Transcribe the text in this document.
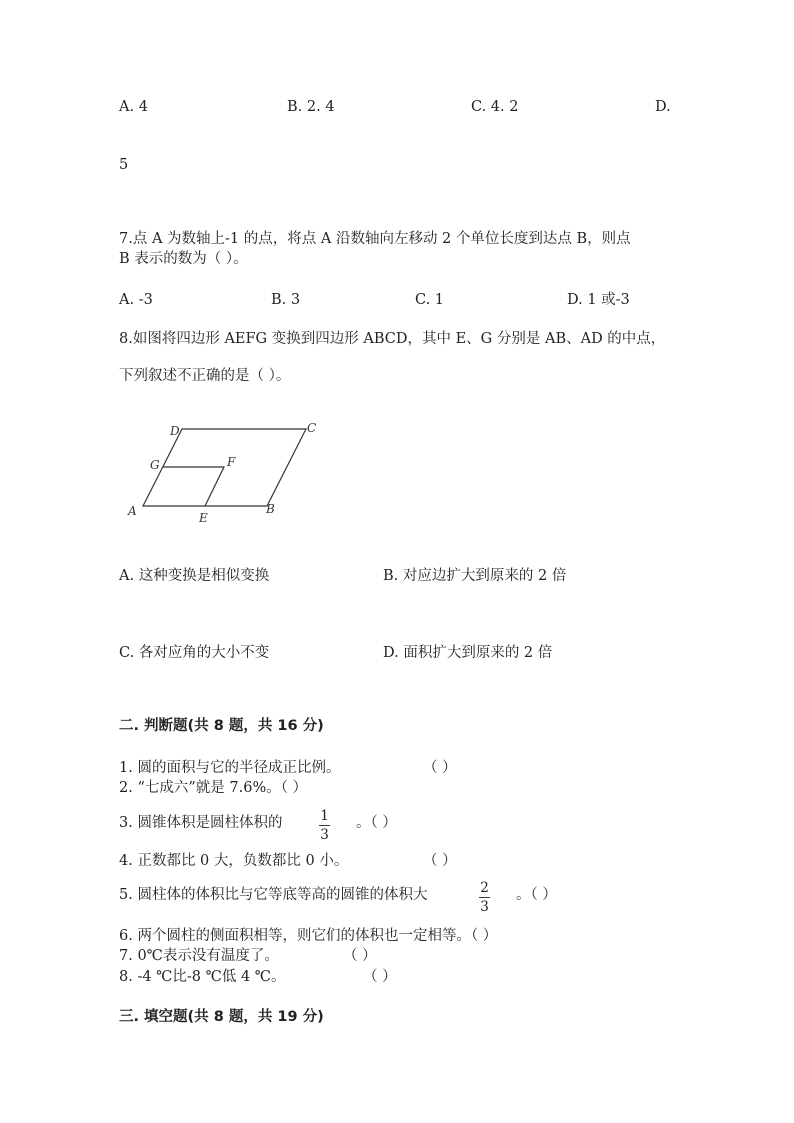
A. 4	B. 2. 4	C. 4. 2	D.
5
7.点 A 为数轴上-1 的点，将点 A 沿数轴向左移动 2 个单位长度到达点 B，则点
B 表示的数为（ ）。
A. -3	B. 3	C. 1	D. 1 或-3
8.如图将四边形 AEFG 变换到四边形 ABCD，其中 E、G 分别是 AB、AD 的中点，
下列叙述不正确的是（ ）。
A	B
C
D
E
F
G
A. 这种变换是相似变换	B. 对应边扩大到原来的 2 倍
C. 各对应角的大小不变	D. 面积扩大到原来的 2 倍
二. 判断题(共 8 题，共 16 分)
1. 圆的面积与它的半径成正比例。	（ ）
2. “七成六”就是 7.6%。（ ）
3. 圆锥体积是圆柱体积的	1
3
。（ ）
4. 正数都比 0 大，负数都比 0 小。	（ ）
5. 圆柱体的体积比与它等底等高的圆锥的体积大	2
3
。（ ）
6. 两个圆柱的侧面积相等，则它们的体积也一定相等。（ ）
7. 0℃表示没有温度了。	（ ）
8. -4 ℃比-8 ℃低 4 ℃。	（ ）
三. 填空题(共 8 题，共 19 分)
